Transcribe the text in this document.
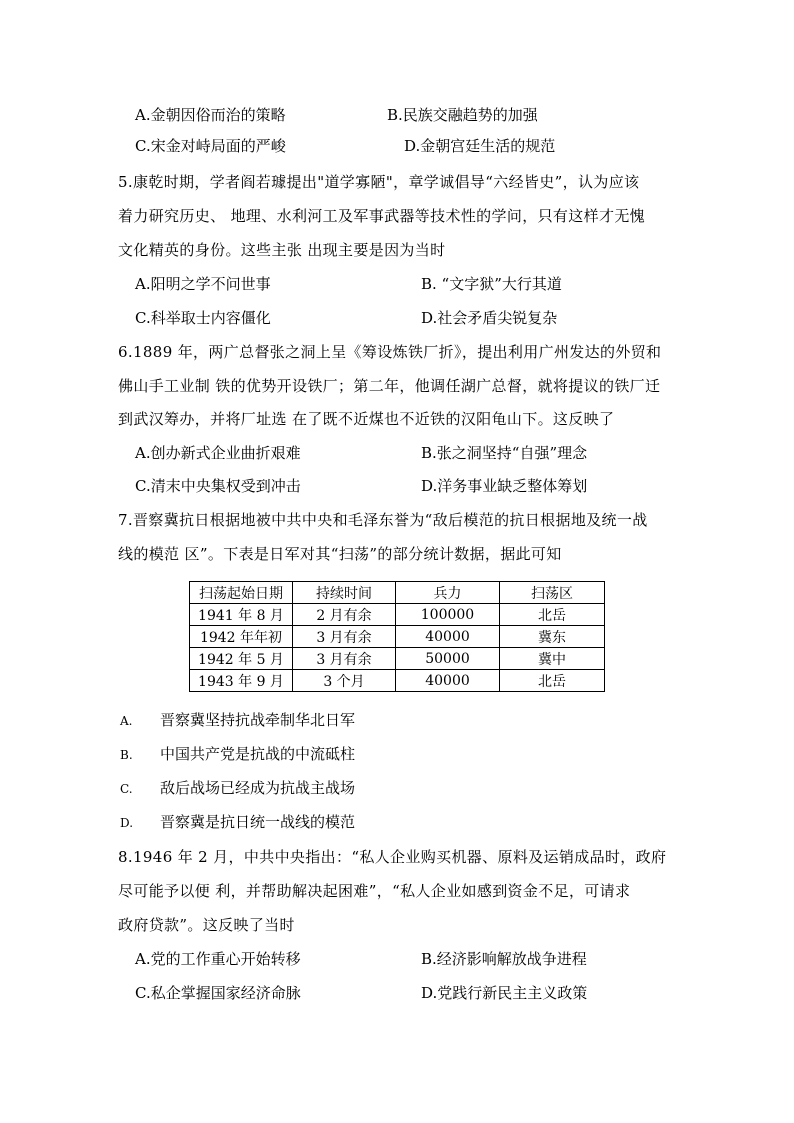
A.金朝因俗而治的策略	B.民族交融趋势的加强
C.宋金对峙局面的严峻	D.金朝宫廷生活的规范
5.康乾时期，学者阎若璩提出"道学寡陋"，章学诚倡导“六经皆史”，认为应该
着力研究历史、 地理、水利河工及军事武器等技术性的学问，只有这样才无愧
文化精英的身份。这些主张 出现主要是因为当时
A.阳明之学不问世事	B. “文字狱”大行其道
C.科举取士内容僵化	D.社会矛盾尖锐复杂
6.1889 年，两广总督张之洞上呈《筹设炼铁厂折》，提出利用广州发达的外贸和
佛山手工业制 铁的优势开设铁厂；第二年，他调任湖广总督，就将提议的铁厂迁
到武汉筹办，并将厂址选 在了既不近煤也不近铁的汉阳龟山下。这反映了
A.创办新式企业曲折艰难	B.张之洞坚持“自强”理念
C.清末中央集权受到冲击	D.洋务事业缺乏整体筹划
7.晋察冀抗日根据地被中共中央和毛泽东誉为“敌后模范的抗日根据地及统一战
线的模范 区”。下表是日军对其“扫荡”的部分统计数据，据此可知
扫荡起始日期	持续时间	兵力	扫荡区
1941 年 8 月	2 月有余	100000	北岳
1942 年年初	3 月有余	40000	冀东
1942 年 5 月	3 月有余	50000	冀中
1943 年 9 月	3 个月	40000	北岳
A. 晋察冀坚持抗战牵制华北日军
B. 中国共产党是抗战的中流砥柱
C. 敌后战场已经成为抗战主战场
D. 晋察冀是抗日统一战线的模范
8.1946 年 2 月，中共中央指出：“私人企业购买机器、原料及运销成品时，政府
尽可能予以便 利，并帮助解决起困难”，“私人企业如感到资金不足，可请求
政府贷款”。这反映了当时
A.党的工作重心开始转移	B.经济影响解放战争进程
C.私企掌握国家经济命脉	D.党践行新民主主义政策
